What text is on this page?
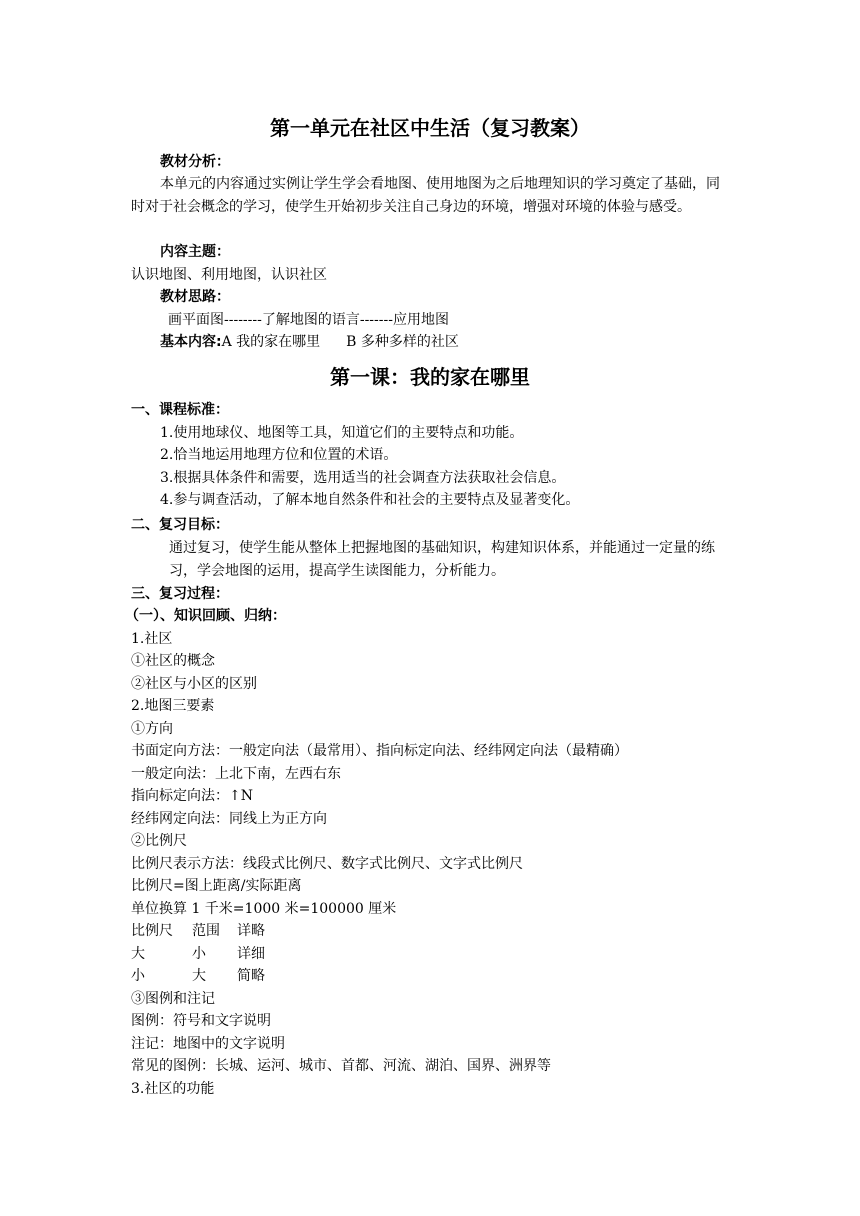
第一单元在社区中生活（复习教案）
教材分析：
本单元的内容通过实例让学生学会看地图、使用地图为之后地理知识的学习奠定了基础，同时对于社会概念的学习，使学生开始初步关注自己身边的环境，增强对环境的体验与感受。
内容主题：
认识地图、利用地图，认识社区
教材思路：
画平面图--------了解地图的语言-------应用地图
基本内容:A 我的家在哪里 B 多种多样的社区
第一课：我的家在哪里
一、课程标准：
1.使用地球仪、地图等工具，知道它们的主要特点和功能。
2.恰当地运用地理方位和位置的术语。
3.根据具体条件和需要，选用适当的社会调查方法获取社会信息。
4.参与调查活动，了解本地自然条件和社会的主要特点及显著变化。
二、复习目标：
通过复习，使学生能从整体上把握地图的基础知识，构建知识体系，并能通过一定量的练习，学会地图的运用，提高学生读图能力，分析能力。
三、复习过程：
（一）、知识回顾、归纳：
1.社区
①社区的概念
②社区与小区的区别
2.地图三要素
①方向
书面定向方法：一般定向法（最常用）、指向标定向法、经纬网定向法（最精确）
一般定向法：上北下南，左西右东
指向标定向法：↑N
经纬网定向法：同线上为正方向
②比例尺
比例尺表示方法：线段式比例尺、数字式比例尺、文字式比例尺
比例尺=图上距离/实际距离
单位换算 1 千米=1000 米=100000 厘米
比例尺 范围 详略
大	小 详细
小	大 简略
③图例和注记
图例：符号和文字说明
注记：地图中的文字说明
常见的图例：长城、运河、城市、首都、河流、湖泊、国界、洲界等
3.社区的功能
